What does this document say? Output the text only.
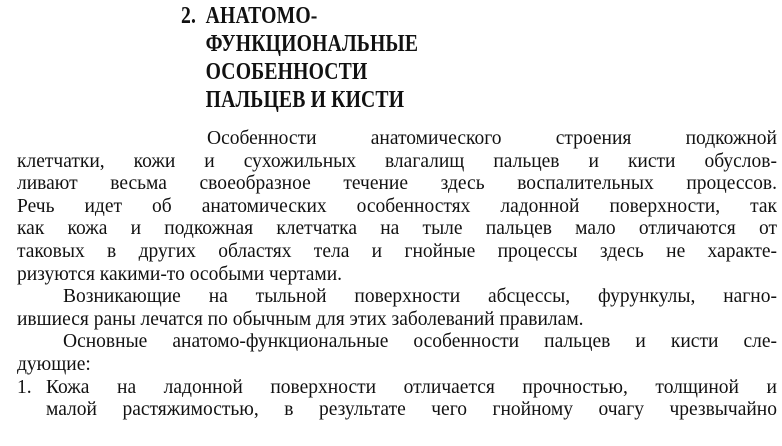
2. АНАТОМО-
ФУНКЦИОНАЛЬНЫЕ
ОСОБЕННОСТИ
ПАЛЬЦЕВ И КИСТИ
Особенности анатомического строения подкожной
клетчатки, кожи и сухожильных влагалищ пальцев и кисти обуслов-
ливают весьма своеобразное течение здесь воспалительных процессов.
Речь идет об анатомических особенностях ладонной поверхности, так
как кожа и подкожная клетчатка на тыле пальцев мало отличаются от
таковых в других областях тела и гнойные процессы здесь не характе-
ризуются какими-то особыми чертами.
Возникающие на тыльной поверхности абсцессы, фурункулы, нагно-
ившиеся раны лечатся по обычным для этих заболеваний правилам.
Основные анатомо-функциональные особенности пальцев и кисти сле-
дующие:
1. Кожа на ладонной поверхности отличается прочностью, толщиной и
малой растяжимостью, в результате чего гнойному очагу чрезвычайно
